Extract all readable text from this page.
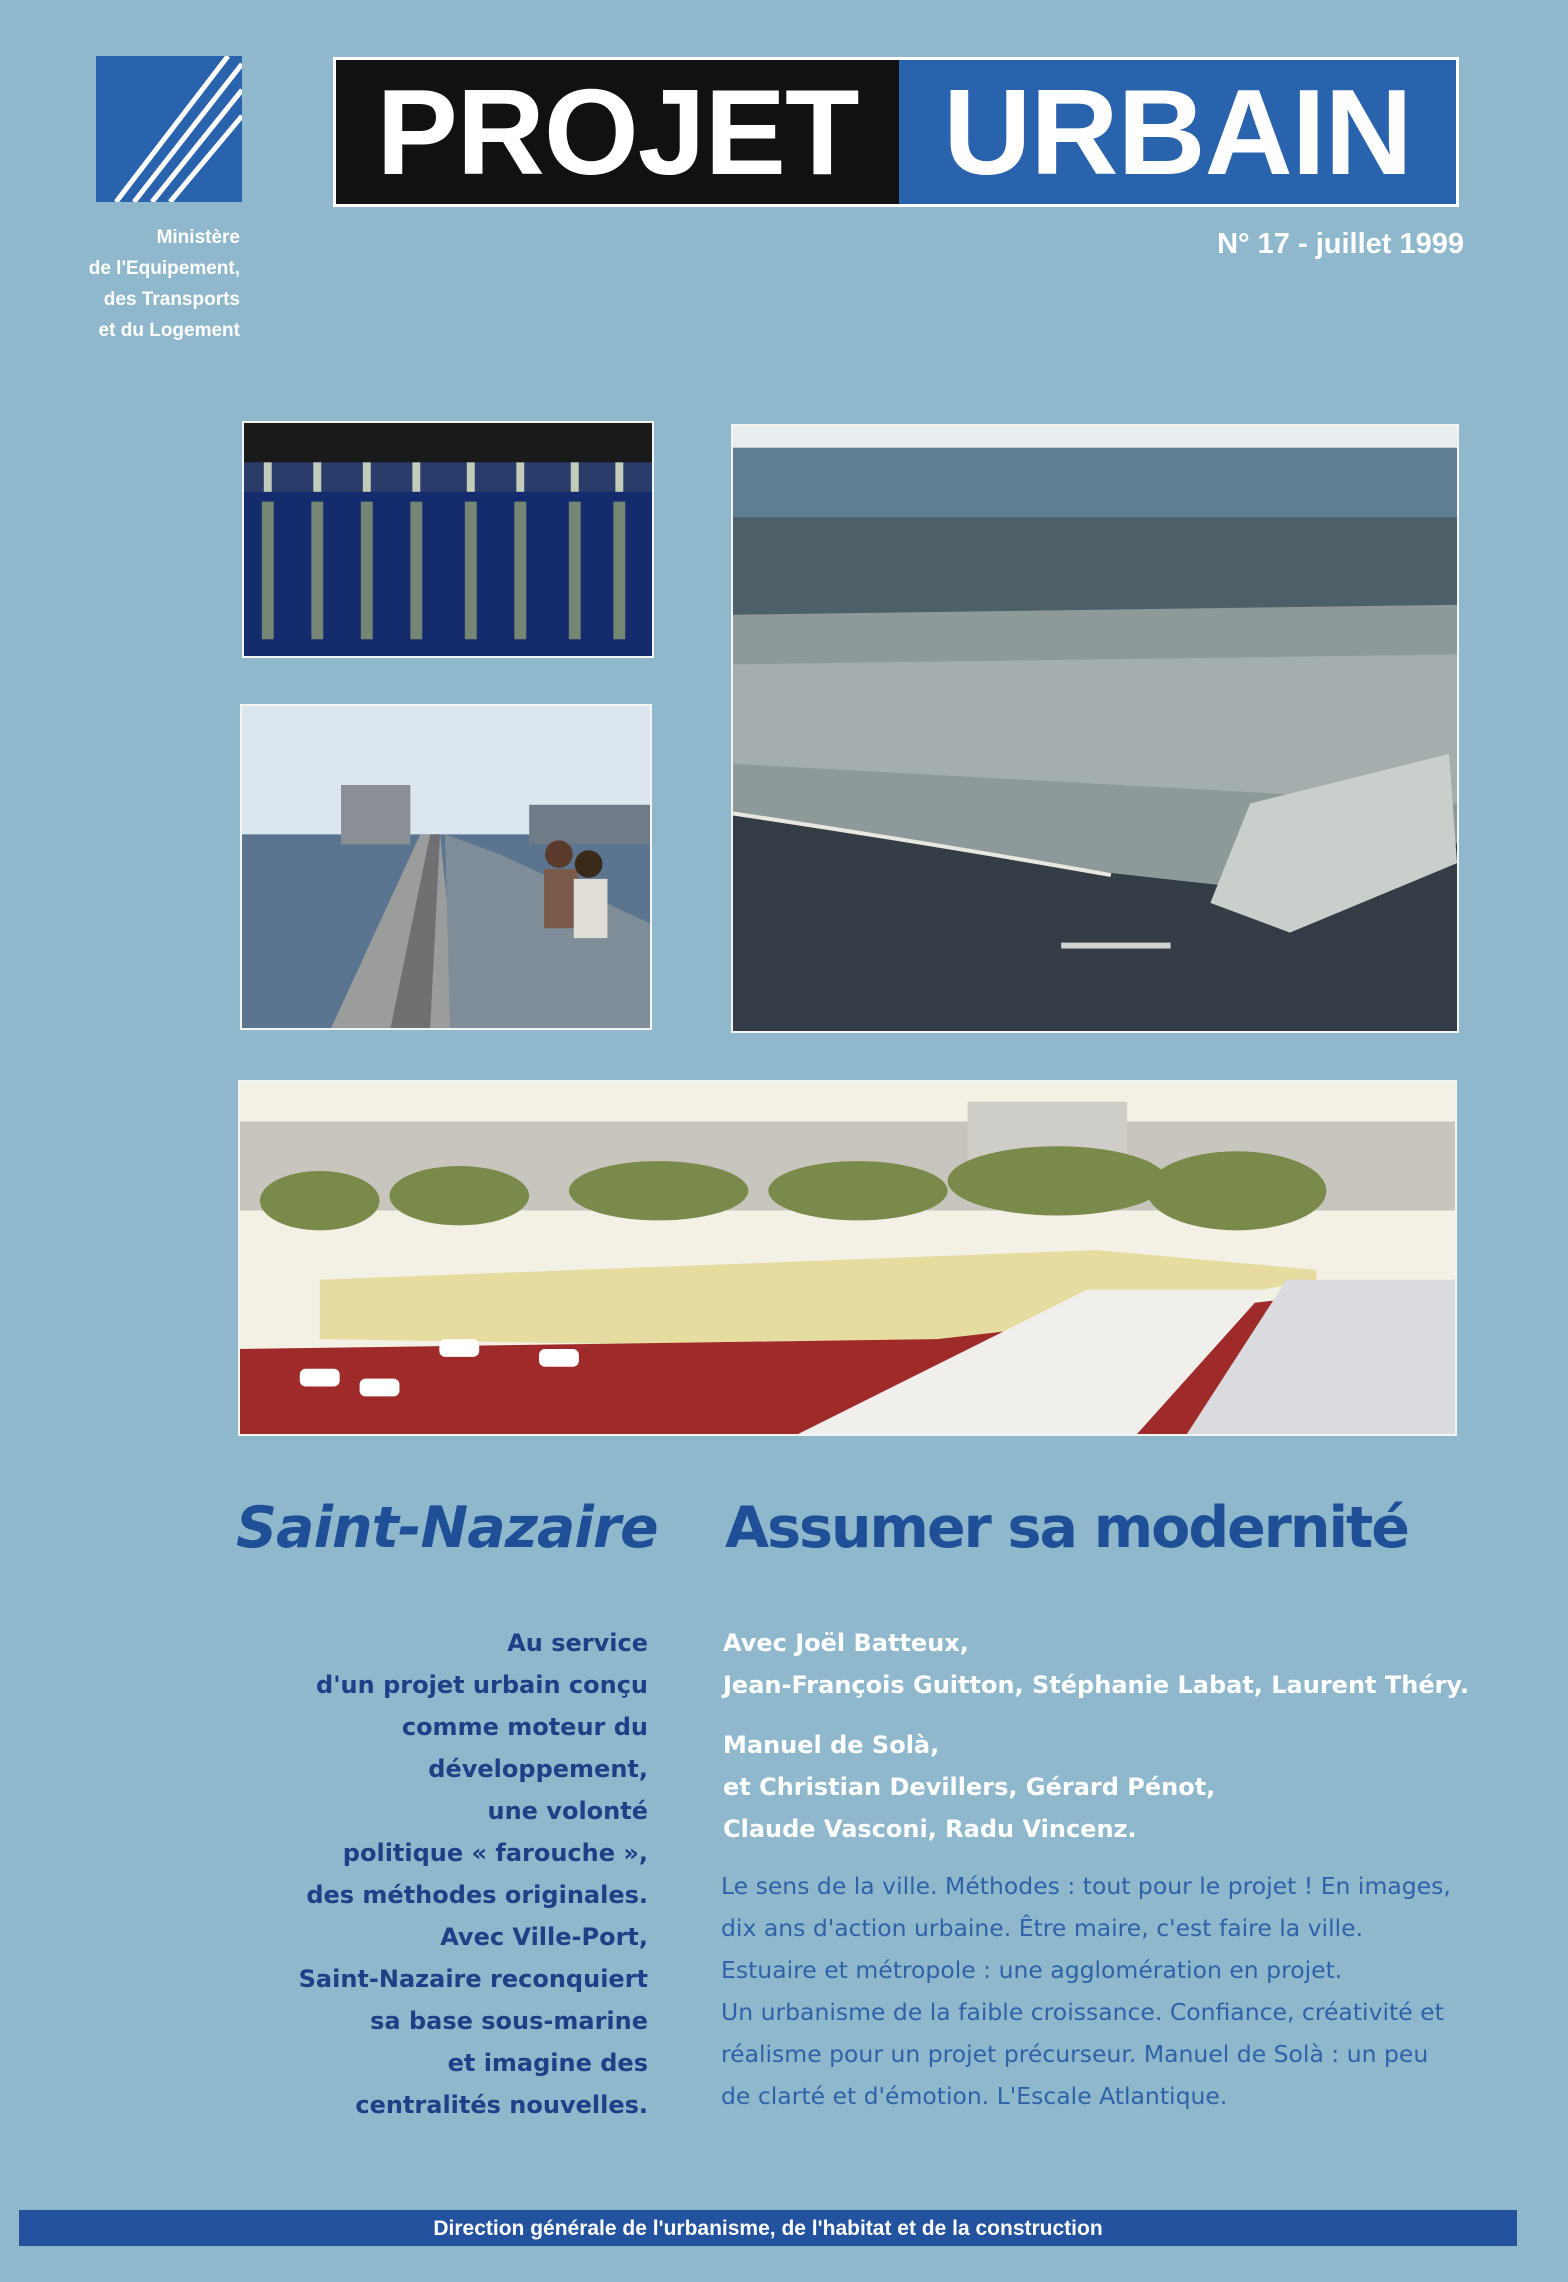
Ministère
de l'Equipement,
des Transports
et du Logement
PROJET URBAIN
N° 17 - juillet 1999
Saint-Nazaire Assumer sa modernité
Au service
d'un projet urbain conçu
comme moteur du
développement,
une volonté
politique « farouche »,
des méthodes originales.
Avec Ville-Port,
Saint-Nazaire reconquiert
sa base sous-marine
et imagine des
centralités nouvelles.
Avec Joël Batteux,
Jean-François Guitton, Stéphanie Labat, Laurent Théry.
Manuel de Solà,
et Christian Devillers, Gérard Pénot,
Claude Vasconi, Radu Vincenz.
Le sens de la ville. Méthodes : tout pour le projet ! En images,
dix ans d'action urbaine. Être maire, c'est faire la ville.
Estuaire et métropole : une agglomération en projet.
Un urbanisme de la faible croissance. Confiance, créativité et
réalisme pour un projet précurseur. Manuel de Solà : un peu
de clarté et d'émotion. L'Escale Atlantique.
Direction générale de l'urbanisme, de l'habitat et de la construction
